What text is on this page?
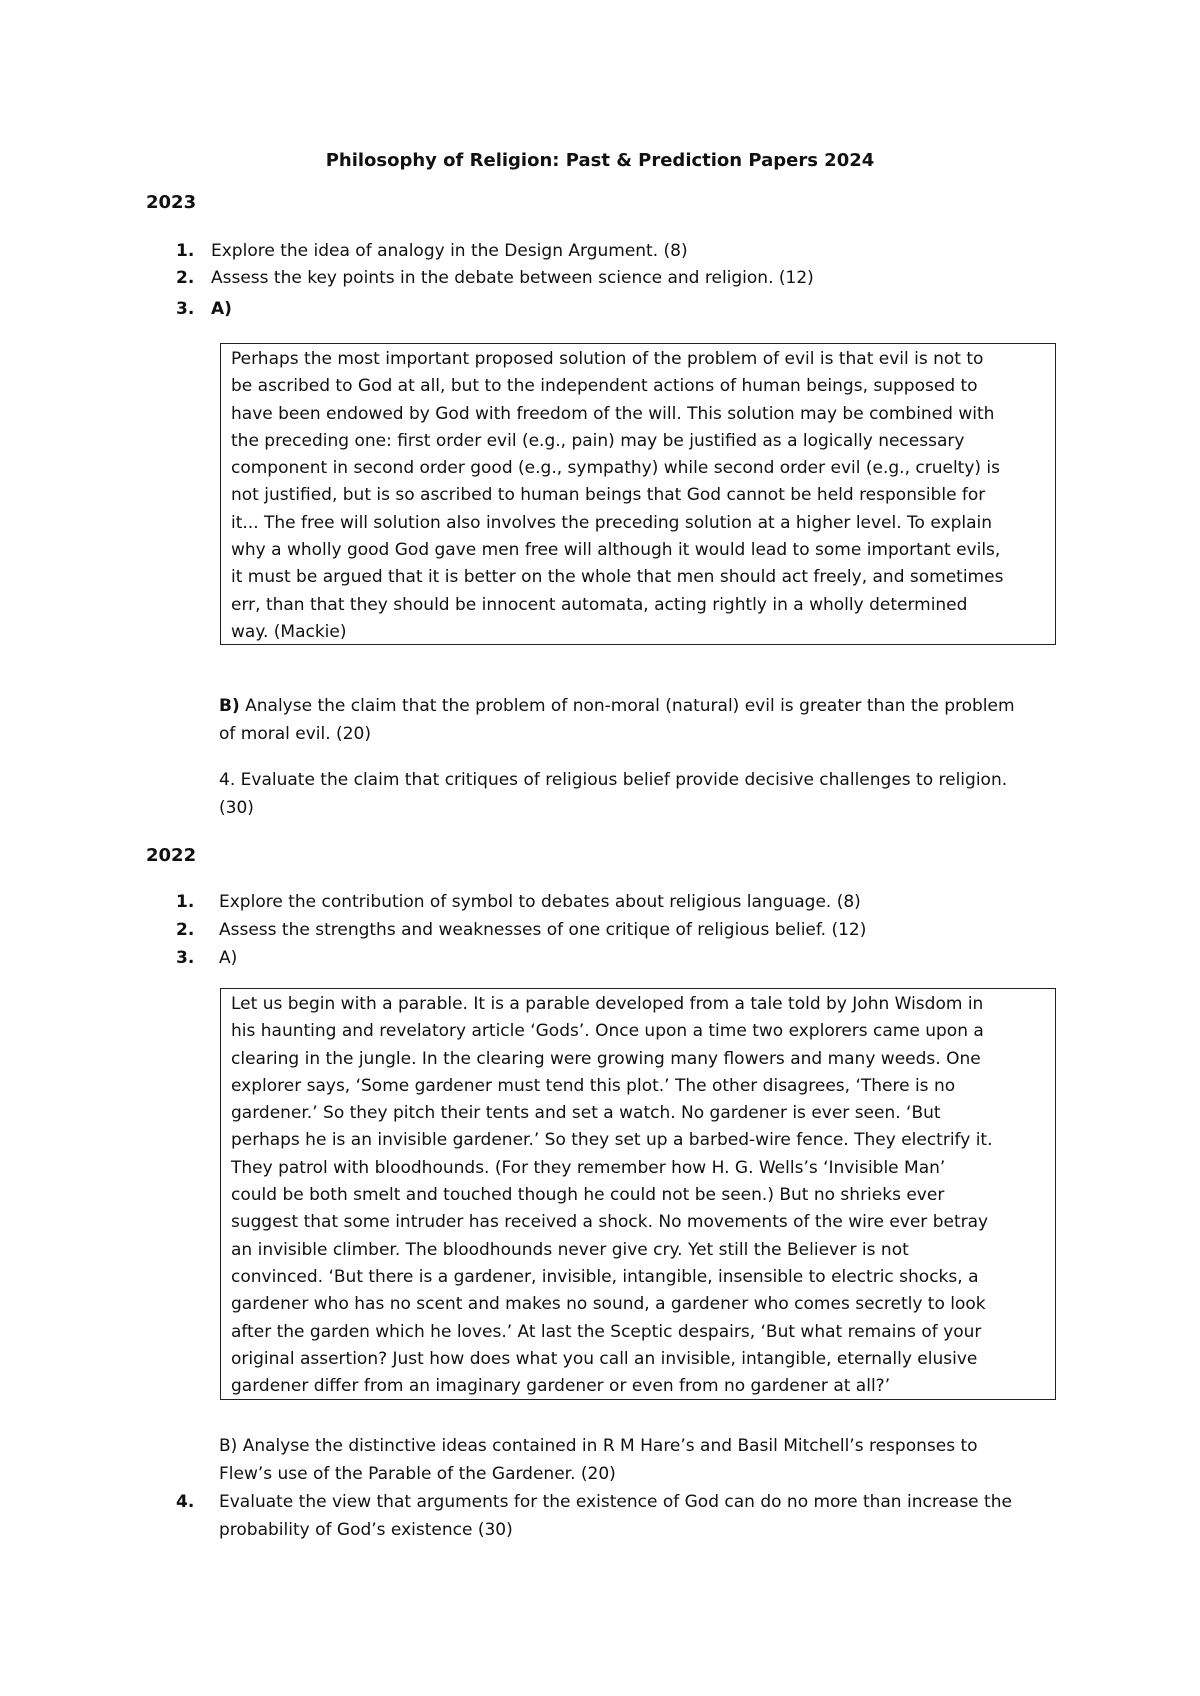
Philosophy of Religion: Past & Prediction Papers 2024
2023
1. Explore the idea of analogy in the Design Argument. (8)
2. Assess the key points in the debate between science and religion. (12)
3. A)
Perhaps the most important proposed solution of the problem of evil is that evil is not to
be ascribed to God at all, but to the independent actions of human beings, supposed to
have been endowed by God with freedom of the will. This solution may be combined with
the preceding one: first order evil (e.g., pain) may be justified as a logically necessary
component in second order good (e.g., sympathy) while second order evil (e.g., cruelty) is
not justified, but is so ascribed to human beings that God cannot be held responsible for
it... The free will solution also involves the preceding solution at a higher level. To explain
why a wholly good God gave men free will although it would lead to some important evils,
it must be argued that it is better on the whole that men should act freely, and sometimes
err, than that they should be innocent automata, acting rightly in a wholly determined
way. (Mackie)
B) Analyse the claim that the problem of non-moral (natural) evil is greater than the problem
of moral evil. (20)
4. Evaluate the claim that critiques of religious belief provide decisive challenges to religion.
(30)
2022
1. Explore the contribution of symbol to debates about religious language. (8)
2. Assess the strengths and weaknesses of one critique of religious belief. (12)
3. A)
Let us begin with a parable. It is a parable developed from a tale told by John Wisdom in
his haunting and revelatory article ‘Gods’. Once upon a time two explorers came upon a
clearing in the jungle. In the clearing were growing many flowers and many weeds. One
explorer says, ‘Some gardener must tend this plot.’ The other disagrees, ‘There is no
gardener.’ So they pitch their tents and set a watch. No gardener is ever seen. ‘But
perhaps he is an invisible gardener.’ So they set up a barbed-wire fence. They electrify it.
They patrol with bloodhounds. (For they remember how H. G. Wells’s ‘Invisible Man’
could be both smelt and touched though he could not be seen.) But no shrieks ever
suggest that some intruder has received a shock. No movements of the wire ever betray
an invisible climber. The bloodhounds never give cry. Yet still the Believer is not
convinced. ‘But there is a gardener, invisible, intangible, insensible to electric shocks, a
gardener who has no scent and makes no sound, a gardener who comes secretly to look
after the garden which he loves.’ At last the Sceptic despairs, ‘But what remains of your
original assertion? Just how does what you call an invisible, intangible, eternally elusive
gardener differ from an imaginary gardener or even from no gardener at all?’
B) Analyse the distinctive ideas contained in R M Hare’s and Basil Mitchell’s responses to
Flew’s use of the Parable of the Gardener. (20)
4. Evaluate the view that arguments for the existence of God can do no more than increase the
probability of God’s existence (30)
